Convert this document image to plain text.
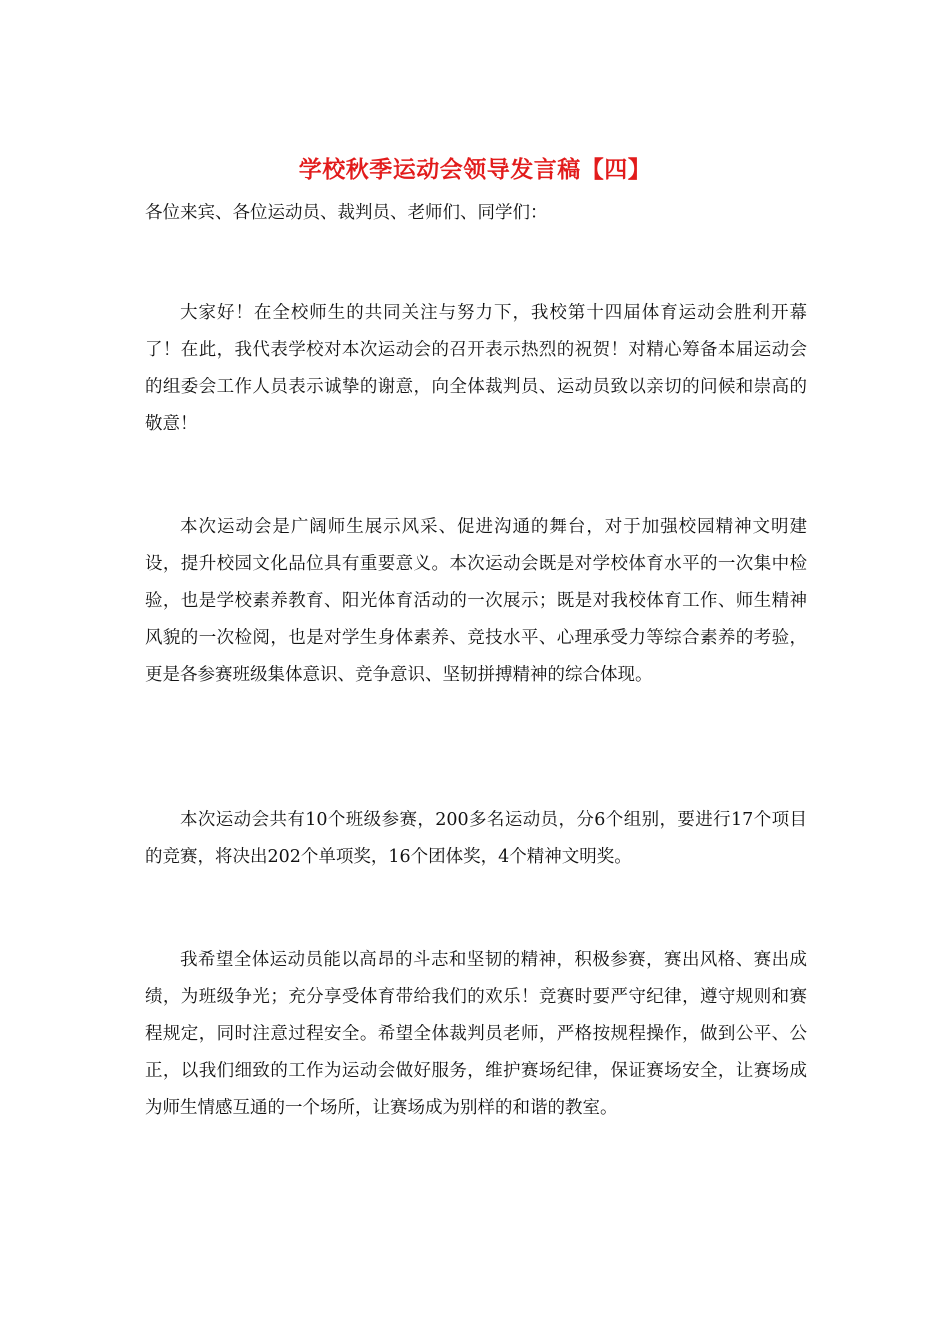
学校秋季运动会领导发言稿【四】
各位来宾、各位运动员、裁判员、老师们、同学们：

大家好！在全校师生的共同关注与努力下，我校第十四届体育运动会胜利开幕了！在此，我代表学校对本次运动会的召开表示热烈的祝贺！对精心筹备本届运动会的组委会工作人员表示诚挚的谢意，向全体裁判员、运动员致以亲切的问候和崇高的敬意！

本次运动会是广阔师生展示风采、促进沟通的舞台，对于加强校园精神文明建设，提升校园文化品位具有重要意义。本次运动会既是对学校体育水平的一次集中检验，也是学校素养教育、阳光体育活动的一次展示；既是对我校体育工作、师生精神风貌的一次检阅，也是对学生身体素养、竞技水平、心理承受力等综合素养的考验，更是各参赛班级集体意识、竞争意识、坚韧拼搏精神的综合体现。

本次运动会共有10个班级参赛，200多名运动员，分6个组别，要进行17个项目的竞赛，将决出202个单项奖，16个团体奖，4个精神文明奖。

我希望全体运动员能以高昂的斗志和坚韧的精神，积极参赛，赛出风格、赛出成绩，为班级争光；充分享受体育带给我们的欢乐！竞赛时要严守纪律，遵守规则和赛程规定，同时注意过程安全。希望全体裁判员老师，严格按规程操作，做到公平、公正，以我们细致的工作为运动会做好服务，维护赛场纪律，保证赛场安全，让赛场成为师生情感互通的一个场所，让赛场成为别样的和谐的教室。
